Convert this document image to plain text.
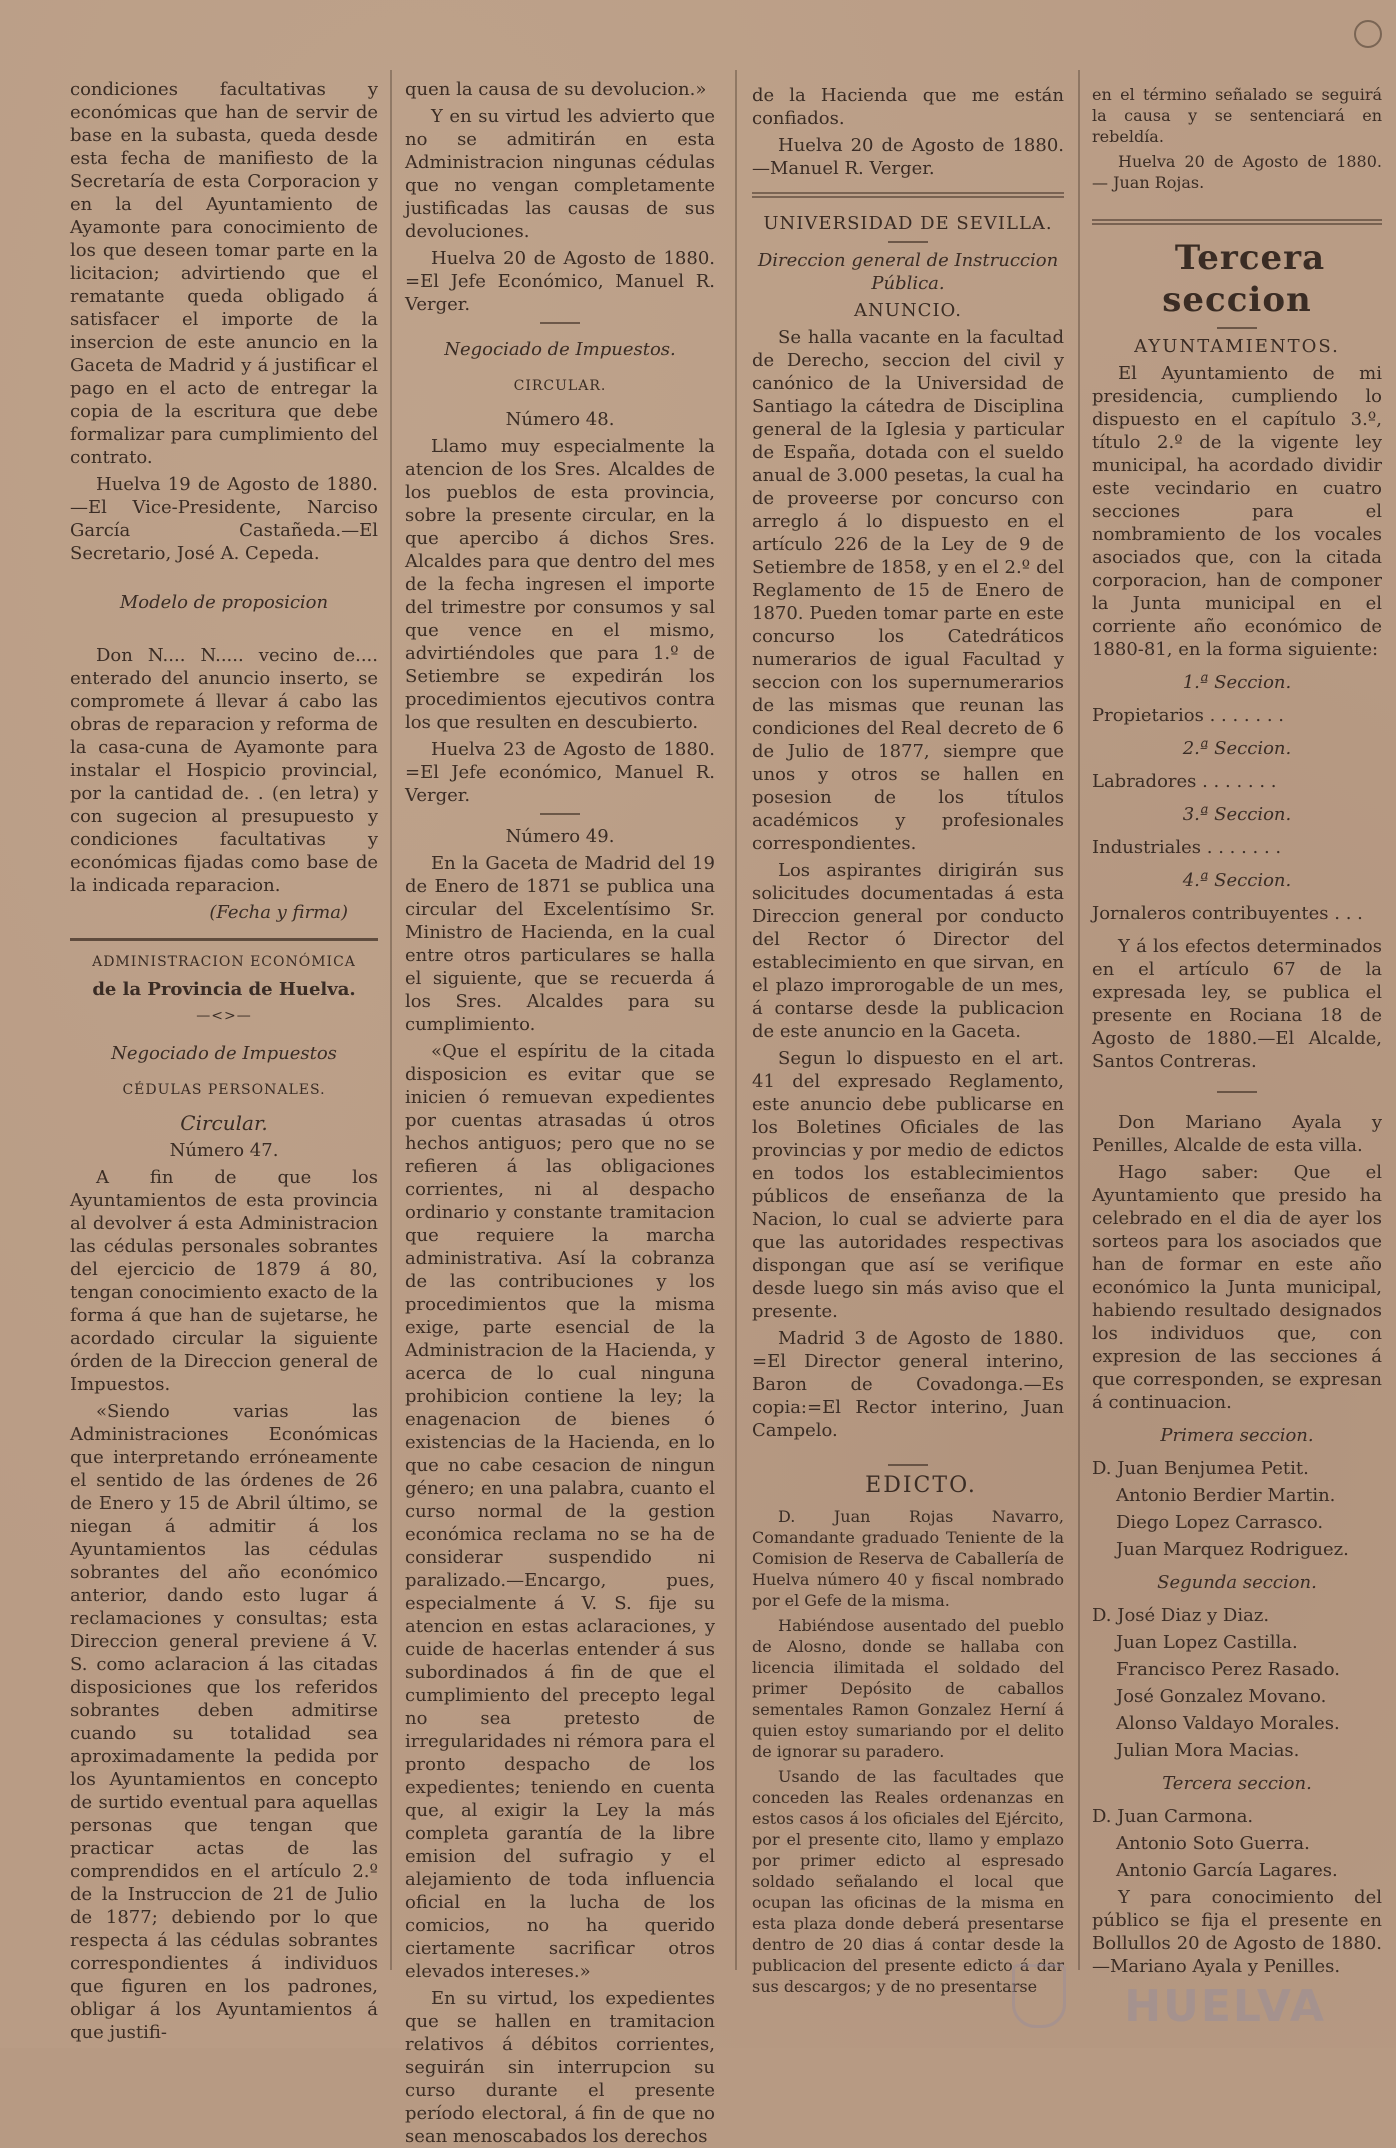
condiciones facultativas y económicas que han de servir de base en la subasta, queda desde esta fecha de manifiesto de la Secretaría de esta Corporacion y en la del Ayuntamiento de Ayamonte para conocimiento de los que deseen tomar parte en la licitacion; advirtiendo que el rematante queda obligado á satisfacer el importe de la insercion de este anuncio en la Gaceta de Madrid y á justificar el pago en el acto de entregar la copia de la escritura que debe formalizar para cumplimiento del contrato.

Huelva 19 de Agosto de 1880. —El Vice-Presidente, Narciso García Castañeda.—El Secretario, José A. Cepeda.

Modelo de proposicion

Don N.... N..... vecino de.... enterado del anuncio inserto, se compromete á llevar á cabo las obras de reparacion y reforma de la casa-cuna de Ayamonte para instalar el Hospicio provincial, por la cantidad de. . (en letra) y con sugecion al presupuesto y condiciones facultativas y económicas fijadas como base de la indicada reparacion.

(Fecha y firma)

ADMINISTRACION ECONÓMICA

de la Provincia de Huelva.

—<>—

Negociado de Impuestos

CÉDULAS PERSONALES.

Circular.

Número 47.

A fin de que los Ayuntamientos de esta provincia al devolver á esta Administracion las cédulas personales sobrantes del ejercicio de 1879 á 80, tengan conocimiento exacto de la forma á que han de sujetarse, he acordado circular la siguiente órden de la Direccion general de Impuestos.

«Siendo varias las Administraciones Económicas que interpretando erróneamente el sentido de las órdenes de 26 de Enero y 15 de Abril último, se niegan á admitir á los Ayuntamientos las cédulas sobrantes del año económico anterior, dando esto lugar á reclamaciones y consultas; esta Direccion general previene á V. S. como aclaracion á las citadas disposiciones que los referidos sobrantes deben admitirse cuando su totalidad sea aproximadamente la pedida por los Ayuntamientos en concepto de surtido eventual para aquellas personas que tengan que practicar actas de las comprendidos en el artículo 2.º de la Instruccion de 21 de Julio de 1877; debiendo por lo que respecta á las cédulas sobrantes correspondientes á individuos que figuren en los padrones, obligar á los Ayuntamientos á que justifi-

quen la causa de su devolucion.»

Y en su virtud les advierto que no se admitirán en esta Administracion ningunas cédulas que no vengan completamente justificadas las causas de sus devoluciones.

Huelva 20 de Agosto de 1880. =El Jefe Económico, Manuel R. Verger.

Negociado de Impuestos.

CIRCULAR.

Número 48.

Llamo muy especialmente la atencion de los Sres. Alcaldes de los pueblos de esta provincia, sobre la presente circular, en la que apercibo á dichos Sres. Alcaldes para que dentro del mes de la fecha ingresen el importe del trimestre por consumos y sal que vence en el mismo, advirtiéndoles que para 1.º de Setiembre se expedirán los procedimientos ejecutivos contra los que resulten en descubierto.

Huelva 23 de Agosto de 1880. =El Jefe económico, Manuel R. Verger.

Número 49.

En la Gaceta de Madrid del 19 de Enero de 1871 se publica una circular del Excelentísimo Sr. Ministro de Hacienda, en la cual entre otros particulares se halla el siguiente, que se recuerda á los Sres. Alcaldes para su cumplimiento.

«Que el espíritu de la citada disposicion es evitar que se inicien ó remuevan expedientes por cuentas atrasadas ú otros hechos antiguos; pero que no se refieren á las obligaciones corrientes, ni al despacho ordinario y constante tramitacion que requiere la marcha administrativa. Así la cobranza de las contribuciones y los procedimientos que la misma exige, parte esencial de la Administracion de la Hacienda, y acerca de lo cual ninguna prohibicion contiene la ley; la enagenacion de bienes ó existencias de la Hacienda, en lo que no cabe cesacion de ningun género; en una palabra, cuanto el curso normal de la gestion económica reclama no se ha de considerar suspendido ni paralizado.—Encargo, pues, especialmente á V. S. fije su atencion en estas aclaraciones, y cuide de hacerlas entender á sus subordinados á fin de que el cumplimiento del precepto legal no sea pretesto de irregularidades ni rémora para el pronto despacho de los expedientes; teniendo en cuenta que, al exigir la Ley la más completa garantía de la libre emision del sufragio y el alejamiento de toda influencia oficial en la lucha de los comicios, no ha querido ciertamente sacrificar otros elevados intereses.»

En su virtud, los expedientes que se hallen en tramitacion relativos á débitos corrientes, seguirán sin interrupcion su curso durante el presente período electoral, á fin de que no sean menoscabados los derechos

de la Hacienda que me están confiados.

Huelva 20 de Agosto de 1880. —Manuel R. Verger.

UNIVERSIDAD DE SEVILLA.

Direccion general de Instruccion Pública.

ANUNCIO.

Se halla vacante en la facultad de Derecho, seccion del civil y canónico de la Universidad de Santiago la cátedra de Disciplina general de la Iglesia y particular de España, dotada con el sueldo anual de 3.000 pesetas, la cual ha de proveerse por concurso con arreglo á lo dispuesto en el artículo 226 de la Ley de 9 de Setiembre de 1858, y en el 2.º del Reglamento de 15 de Enero de 1870. Pueden tomar parte en este concurso los Catedráticos numerarios de igual Facultad y seccion con los supernumerarios de las mismas que reunan las condiciones del Real decreto de 6 de Julio de 1877, siempre que unos y otros se hallen en posesion de los títulos académicos y profesionales correspondientes.

Los aspirantes dirigirán sus solicitudes documentadas á esta Direccion general por conducto del Rector ó Director del establecimiento en que sirvan, en el plazo improrogable de un mes, á contarse desde la publicacion de este anuncio en la Gaceta.

Segun lo dispuesto en el art. 41 del expresado Reglamento, este anuncio debe publicarse en los Boletines Oficiales de las provincias y por medio de edictos en todos los establecimientos públicos de enseñanza de la Nacion, lo cual se advierte para que las autoridades respectivas dispongan que así se verifique desde luego sin más aviso que el presente.

Madrid 3 de Agosto de 1880. =El Director general interino, Baron de Covadonga.—Es copia:=El Rector interino, Juan Campelo.

EDICTO.

D. Juan Rojas Navarro, Comandante graduado Teniente de la Comision de Reserva de Caballería de Huelva número 40 y fiscal nombrado por el Gefe de la misma.

Habiéndose ausentado del pueblo de Alosno, donde se hallaba con licencia ilimitada el soldado del primer Depósito de caballos sementales Ramon Gonzalez Herní á quien estoy sumariando por el delito de ignorar su paradero.

Usando de las facultades que conceden las Reales ordenanzas en estos casos á los oficiales del Ejército, por el presente cito, llamo y emplazo por primer edicto al espresado soldado señalando el local que ocupan las oficinas de la misma en esta plaza donde deberá presentarse dentro de 20 dias á contar desde la publicacion del presente edicto á dar sus descargos; y de no presentarse

en el término señalado se seguirá la causa y se sentenciará en rebeldía.

Huelva 20 de Agosto de 1880. — Juan Rojas.

Tercera seccion

AYUNTAMIENTOS.

El Ayuntamiento de mi presidencia, cumpliendo lo dispuesto en el capítulo 3.º, título 2.º de la vigente ley municipal, ha acordado dividir este vecindario en cuatro secciones para el nombramiento de los vocales asociados que, con la citada corporacion, han de componer la Junta municipal en el corriente año económico de 1880-81, en la forma siguiente:

1.ª Seccion.

Propietarios . . . . . . .

2.ª Seccion.

Labradores . . . . . . .

3.ª Seccion.

Industriales . . . . . . .

4.ª Seccion.

Jornaleros contribuyentes . . .

Y á los efectos determinados en el artículo 67 de la expresada ley, se publica el presente en Rociana 18 de Agosto de 1880.—El Alcalde, Santos Contreras.

Don Mariano Ayala y Penilles, Alcalde de esta villa.

Hago saber: Que el Ayuntamiento que presido ha celebrado en el dia de ayer los sorteos para los asociados que han de formar en este año económico la Junta municipal, habiendo resultado designados los individuos que, con expresion de las secciones á que corresponden, se expresan á continuacion.

Primera seccion.

D. Juan Benjumea Petit.

Antonio Berdier Martin.

Diego Lopez Carrasco.

Juan Marquez Rodriguez.

Segunda seccion.

D. José Diaz y Diaz.

Juan Lopez Castilla.

Francisco Perez Rasado.

José Gonzalez Movano.

Alonso Valdayo Morales.

Julian Mora Macias.

Tercera seccion.

D. Juan Carmona.

Antonio Soto Guerra.

Antonio García Lagares.

Y para conocimiento del público se fija el presente en Bollullos 20 de Agosto de 1880.—Mariano Ayala y Penilles.

HUELVA
